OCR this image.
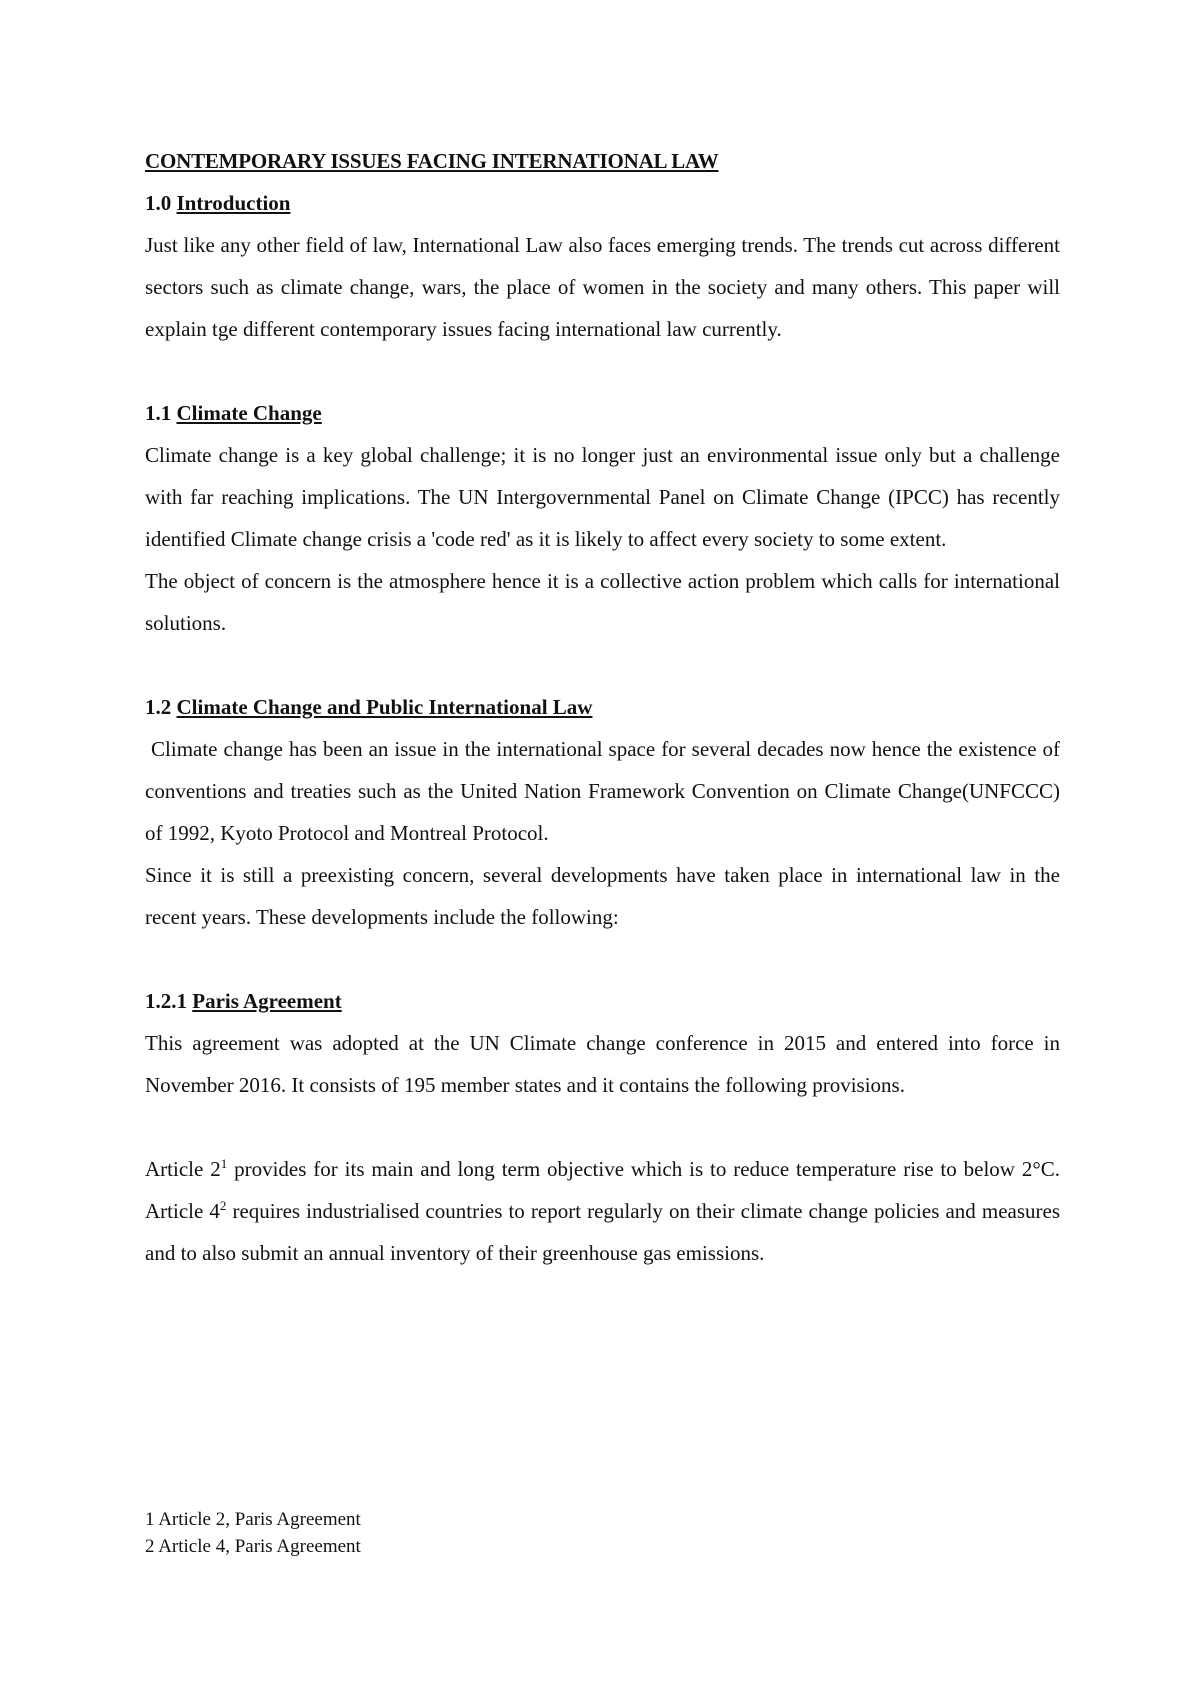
CONTEMPORARY ISSUES FACING INTERNATIONAL LAW
1.0 Introduction

Just like any other field of law, International Law also faces emerging trends. The trends cut across different sectors such as climate change, wars, the place of women in the society and many others. This paper will explain tge different contemporary issues facing international law currently.

1.1 Climate Change

Climate change is a key global challenge; it is no longer just an environmental issue only but a challenge with far reaching implications. The UN Intergovernmental Panel on Climate Change (IPCC) has recently identified Climate change crisis a 'code red' as it is likely to affect every society to some extent.

The object of concern is the atmosphere hence it is a collective action problem which calls for international solutions.

1.2 Climate Change and Public International Law

Climate change has been an issue in the international space for several decades now hence the existence of conventions and treaties such as the United Nation Framework Convention on Climate Change(UNFCCC) of 1992, Kyoto Protocol and Montreal Protocol.

Since it is still a preexisting concern, several developments have taken place in international law in the recent years. These developments include the following:

1.2.1 Paris Agreement

This agreement was adopted at the UN Climate change conference in 2015 and entered into force in November 2016. It consists of 195 member states and it contains the following provisions.

Article $2^1$ provides for its main and long term objective which is to reduce temperature rise to below 2°C. Article $4^2$ requires industrialised countries to report regularly on their climate change policies and measures and to also submit an annual inventory of their greenhouse gas emissions.

1 Article 2, Paris Agreement

2 Article 4, Paris Agreement
